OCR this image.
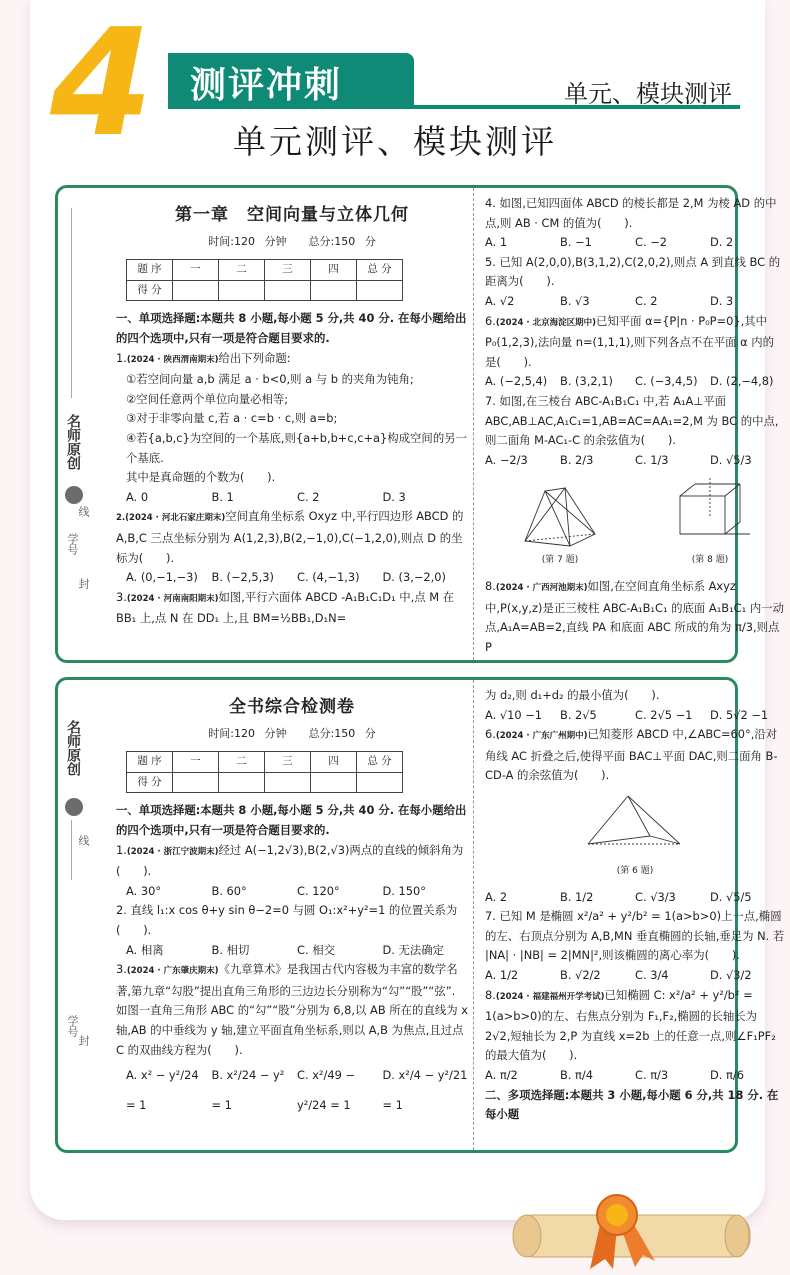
4 测评冲刺	单元、模块测评
单元测评、模块测评
名师原创
线
学号
封
第一章　空间向量与立体几何
时间:120 分钟　　总分:150 分
题 序	一	二	三	四	总 分
得 分					

一、单项选择题:本题共 8 小题,每小题 5 分,共 40 分. 在每小题给出的四个选项中,只有一项是符合题目要求的.

1.(2024 · 陕西渭南期末)给出下列命题:

①若空间向量 a,b 满足 a · b<0,则 a 与 b 的夹角为钝角;

②空间任意两个单位向量必相等;

③对于非零向量 c,若 a · c=b · c,则 a=b;

④若{a,b,c}为空间的一个基底,则{a+b,b+c,c+a}构成空间的另一个基底.

其中是真命题的个数为(　　).

A. 0	B. 1	C. 2	D. 3

2.(2024 · 河北石家庄期末)空间直角坐标系 Oxyz 中,平行四边形 ABCD 的 A,B,C 三点坐标分别为 A(1,2,3),B(2,−1,0),C(−1,2,0),则点 D 的坐标为(　　).

A. (0,−1,−3)	B. (−2,5,3)	C. (4,−1,3)	D. (3,−2,0)

3.(2024 · 河南南阳期末)如图,平行六面体 ABCD -A₁B₁C₁D₁ 中,点 M 在 BB₁ 上,点 N 在 DD₁ 上,且 BM=½BB₁,D₁N=

4. 如图,已知四面体 ABCD 的棱长都是 2,M 为棱 AD 的中点,则 AB · CM 的值为(　　).

A. 1	B. −1	C. −2	D. 2

5. 已知 A(2,0,0),B(3,1,2),C(2,0,2),则点 A 到直线 BC 的距离为(　　).

A. √2	B. √3	C. 2	D. 3

6.(2024 · 北京海淀区期中)已知平面 α={P|n · P₀P=0},其中 P₀(1,2,3),法向量 n=(1,1,1),则下列各点不在平面 α 内的是(　　).

A. (−2,5,4)	B. (3,2,1)	C. (−3,4,5)	D. (2,−4,8)

7. 如图,在三棱台 ABC-A₁B₁C₁ 中,若 A₁A⊥平面 ABC,AB⊥AC,A₁C₁=1,AB=AC=AA₁=2,M 为 BC 的中点,则二面角 M-AC₁-C 的余弦值为(　　).

A. −2/3	B. 2/3	C. 1/3	D. √5/3
(第 7 题)	(第 8 题)

8.(2024 · 广西河池期末)如图,在空间直角坐标系 Axyz 中,P(x,y,z)是正三棱柱 ABC-A₁B₁C₁ 的底面 A₁B₁C₁ 内一动点,A₁A=AB=2,直线 PA 和底面 ABC 所成的角为 π/3,则点 P

名师原创
线
学号
封
全书综合检测卷
时间:120 分钟　　总分:150 分
题 序	一	二	三	四	总 分
得 分					

一、单项选择题:本题共 8 小题,每小题 5 分,共 40 分. 在每小题给出的四个选项中,只有一项是符合题目要求的.

1.(2024 · 浙江宁波期末)经过 A(−1,2√3),B(2,√3)两点的直线的倾斜角为(　　).

A. 30°	B. 60°	C. 120°	D. 150°

2. 直线 l₁:x cos θ+y sin θ−2=0 与圆 O₁:x²+y²=1 的位置关系为(　　).

A. 相离	B. 相切	C. 相交	D. 无法确定

3.(2024 · 广东肇庆期末)《九章算术》是我国古代内容极为丰富的数学名著,第九章“勾股”提出直角三角形的三边边长分别称为“勾”“股”“弦”. 如图一直角三角形 ABC 的“勾”“股”分别为 6,8,以 AB 所在的直线为 x 轴,AB 的中垂线为 y 轴,建立平面直角坐标系,则以 A,B 为焦点,且过点 C 的双曲线方程为(　　).

A. x² − y²/24 = 1
B. x²/24 − y² = 1
C. x²/49 − y²/24 = 1
D. x²/4 − y²/21 = 1

为 d₂,则 d₁+d₂ 的最小值为(　　).

A. √10 −1	B. 2√5	C. 2√5 −1	D. 5√2 −1

6.(2024 · 广东广州期中)已知菱形 ABCD 中,∠ABC=60°,沿对角线 AC 折叠之后,使得平面 BAC⊥平面 DAC,则二面角 B-CD-A 的余弦值为(　　).

(第 6 题)
A. 2	B. 1/2	C. √3/3	D. √5/5

7. 已知 M 是椭圆 x²/a² + y²/b² = 1(a>b>0)上一点,椭圆的左、右顶点分别为 A,B,MN 垂直椭圆的长轴,垂足为 N. 若 |NA| · |NB| = 2|MN|²,则该椭圆的离心率为(　　).

A. 1/2	B. √2/2	C. 3/4	D. √3/2

8.(2024 · 福建福州开学考试)已知椭圆 C: x²/a² + y²/b² = 1(a>b>0)的左、右焦点分别为 F₁,F₂,椭圆的长轴长为 2√2,短轴长为 2,P 为直线 x=2b 上的任意一点,则∠F₁PF₂ 的最大值为(　　).

A. π/2	B. π/4	C. π/3	D. π/6

二、多项选择题:本题共 3 小题,每小题 6 分,共 18 分. 在每小题
